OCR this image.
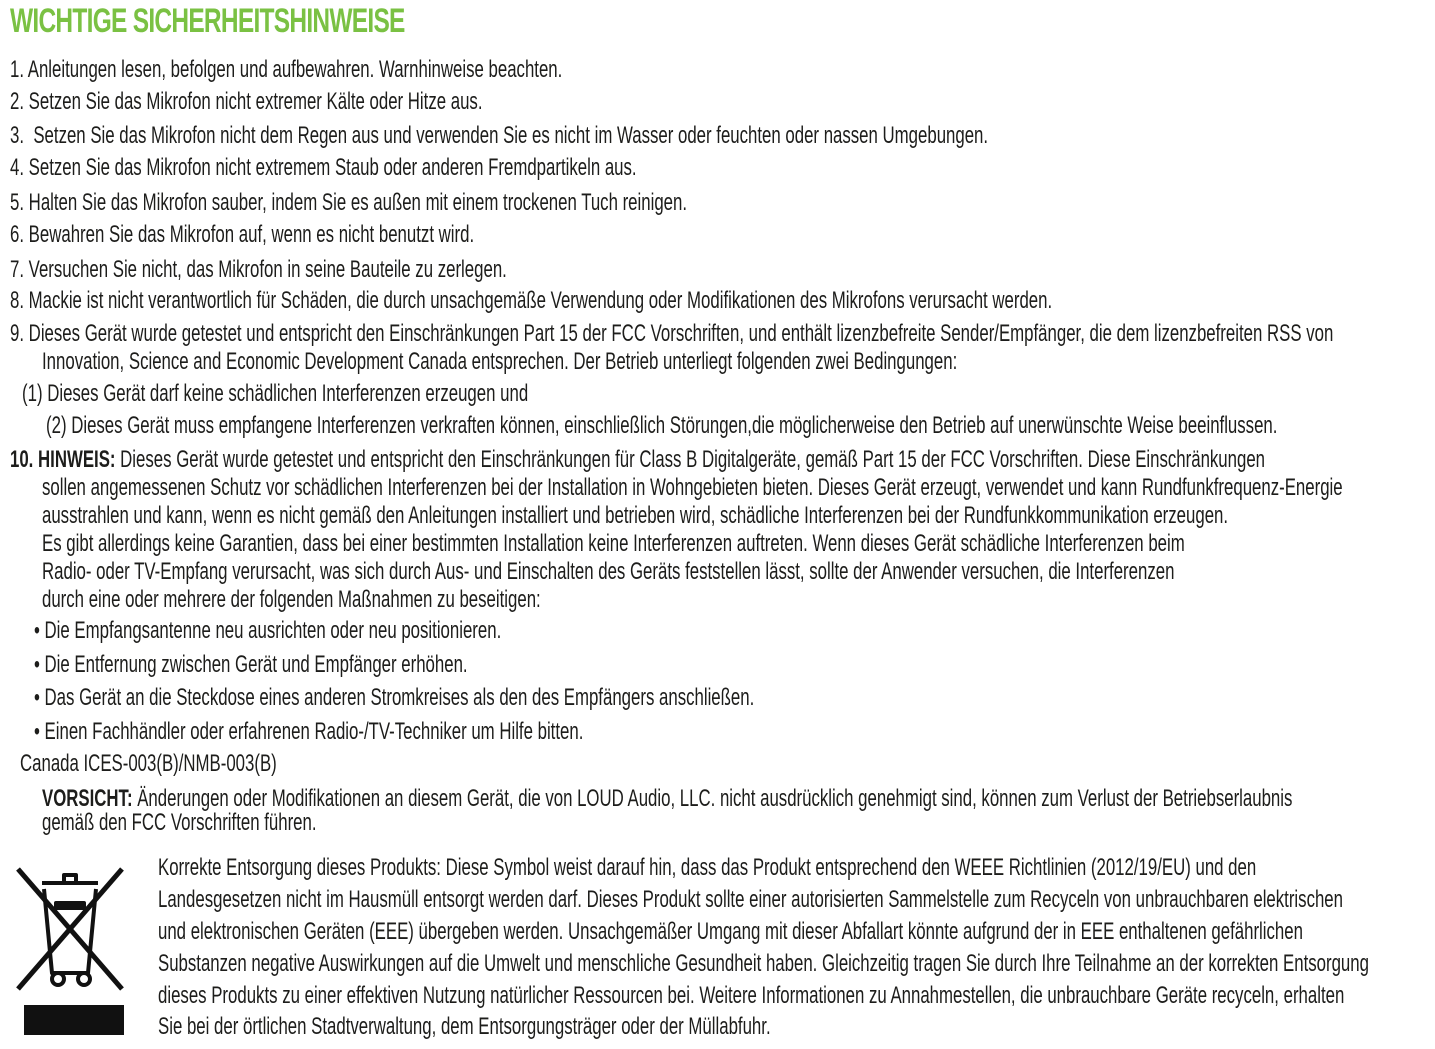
WICHTIGE SICHERHEITSHINWEISE
1. Anleitungen lesen, befolgen und aufbewahren. Warnhinweise beachten.
2. Setzen Sie das Mikrofon nicht extremer Kälte oder Hitze aus.
3. Setzen Sie das Mikrofon nicht dem Regen aus und verwenden Sie es nicht im Wasser oder feuchten oder nassen Umgebungen.
4. Setzen Sie das Mikrofon nicht extremem Staub oder anderen Fremdpartikeln aus.
5. Halten Sie das Mikrofon sauber, indem Sie es außen mit einem trockenen Tuch reinigen.
6. Bewahren Sie das Mikrofon auf, wenn es nicht benutzt wird.
7. Versuchen Sie nicht, das Mikrofon in seine Bauteile zu zerlegen.
8. Mackie ist nicht verantwortlich für Schäden, die durch unsachgemäße Verwendung oder Modifikationen des Mikrofons verursacht werden.
9. Dieses Gerät wurde getestet und entspricht den Einschränkungen Part 15 der FCC Vorschriften, und enthält lizenzbefreite Sender/Empfänger, die dem lizenzbefreiten RSS von
Innovation, Science and Economic Development Canada entsprechen. Der Betrieb unterliegt folgenden zwei Bedingungen:
(1) Dieses Gerät darf keine schädlichen Interferenzen erzeugen und
(2) Dieses Gerät muss empfangene Interferenzen verkraften können, einschließlich Störungen,die möglicherweise den Betrieb auf unerwünschte Weise beeinflussen.
10. HINWEIS: Dieses Gerät wurde getestet und entspricht den Einschränkungen für Class B Digitalgeräte, gemäß Part 15 der FCC Vorschriften. Diese Einschränkungen
sollen angemessenen Schutz vor schädlichen Interferenzen bei der Installation in Wohngebieten bieten. Dieses Gerät erzeugt, verwendet und kann Rundfunkfrequenz-Energie
ausstrahlen und kann, wenn es nicht gemäß den Anleitungen installiert und betrieben wird, schädliche Interferenzen bei der Rundfunkkommunikation erzeugen.
Es gibt allerdings keine Garantien, dass bei einer bestimmten Installation keine Interferenzen auftreten. Wenn dieses Gerät schädliche Interferenzen beim
Radio- oder TV-Empfang verursacht, was sich durch Aus- und Einschalten des Geräts feststellen lässt, sollte der Anwender versuchen, die Interferenzen
durch eine oder mehrere der folgenden Maßnahmen zu beseitigen:
• Die Empfangsantenne neu ausrichten oder neu positionieren.
• Die Entfernung zwischen Gerät und Empfänger erhöhen.
• Das Gerät an die Steckdose eines anderen Stromkreises als den des Empfängers anschließen.
• Einen Fachhändler oder erfahrenen Radio-/TV-Techniker um Hilfe bitten.
Canada ICES-003(B)/NMB-003(B)
VORSICHT: Änderungen oder Modifikationen an diesem Gerät, die von LOUD Audio, LLC. nicht ausdrücklich genehmigt sind, können zum Verlust der Betriebserlaubnis
gemäß den FCC Vorschriften führen.
Korrekte Entsorgung dieses Produkts: Diese Symbol weist darauf hin, dass das Produkt entsprechend den WEEE Richtlinien (2012/19/EU) und den
Landesgesetzen nicht im Hausmüll entsorgt werden darf. Dieses Produkt sollte einer autorisierten Sammelstelle zum Recyceln von unbrauchbaren elektrischen
und elektronischen Geräten (EEE) übergeben werden. Unsachgemäßer Umgang mit dieser Abfallart könnte aufgrund der in EEE enthaltenen gefährlichen
Substanzen negative Auswirkungen auf die Umwelt und menschliche Gesundheit haben. Gleichzeitig tragen Sie durch Ihre Teilnahme an der korrekten Entsorgung
dieses Produkts zu einer effektiven Nutzung natürlicher Ressourcen bei. Weitere Informationen zu Annahmestellen, die unbrauchbare Geräte recyceln, erhalten
Sie bei der örtlichen Stadtverwaltung, dem Entsorgungsträger oder der Müllabfuhr.
